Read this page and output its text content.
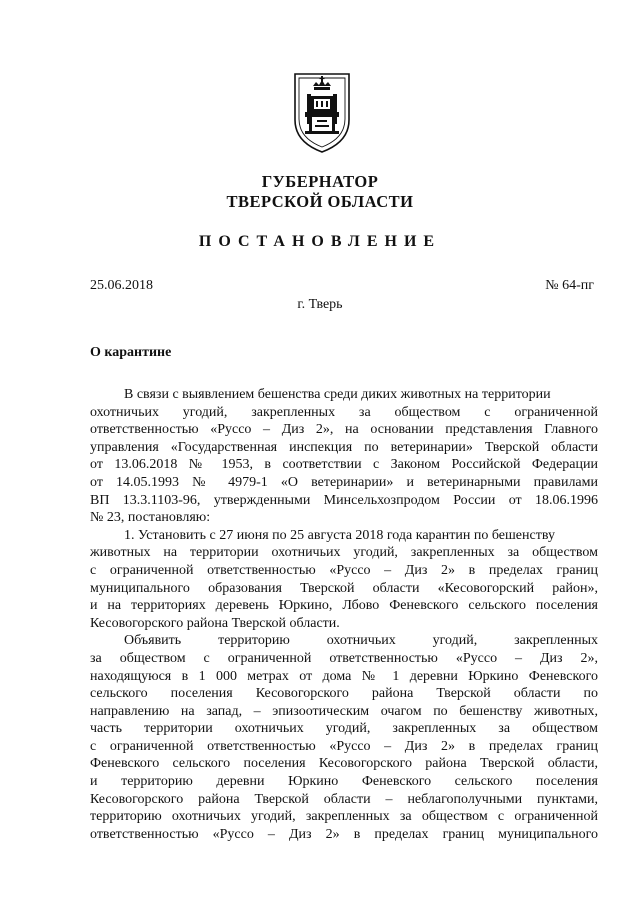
ГУБЕРНАТОР
ТВЕРСКОЙ ОБЛАСТИ
ПОСТАНОВЛЕНИЕ
25.06.2018	№ 64-пг
г. Тверь
О карантине
В связи с выявлением бешенства среди диких животных на территории
охотничьих угодий, закрепленных за обществом с ограниченной
ответственностью «Руссо – Диз 2», на основании представления Главного
управления «Государственная инспекция по ветеринарии» Тверской области
от 13.06.2018 № 1953, в соответствии с Законом Российской Федерации
от 14.05.1993 № 4979-1 «О ветеринарии» и ветеринарными правилами
ВП 13.3.1103-96, утвержденными Минсельхозпродом России от 18.06.1996
№ 23, постановляю:
1. Установить с 27 июня по 25 августа 2018 года карантин по бешенству
животных на территории охотничьих угодий, закрепленных за обществом
с ограниченной ответственностью «Руссо – Диз 2» в пределах границ
муниципального образования Тверской области «Кесовогорский район»,
и на территориях деревень Юркино, Лбово Феневского сельского поселения
Кесовогорского района Тверской области.
Объявить территорию охотничьих угодий, закрепленных
за обществом с ограниченной ответственностью «Руссо – Диз 2»,
находящуюся в 1 000 метрах от дома № 1 деревни Юркино Феневского
сельского поселения Кесовогорского района Тверской области по
направлению на запад, – эпизоотическим очагом по бешенству животных,
часть территории охотничьих угодий, закрепленных за обществом
с ограниченной ответственностью «Руссо – Диз 2» в пределах границ
Феневского сельского поселения Кесовогорского района Тверской области,
и территорию деревни Юркино Феневского сельского поселения
Кесовогорского района Тверской области – неблагополучными пунктами,
территорию охотничьих угодий, закрепленных за обществом с ограниченной
ответственностью «Руссо – Диз 2» в пределах границ муниципального
